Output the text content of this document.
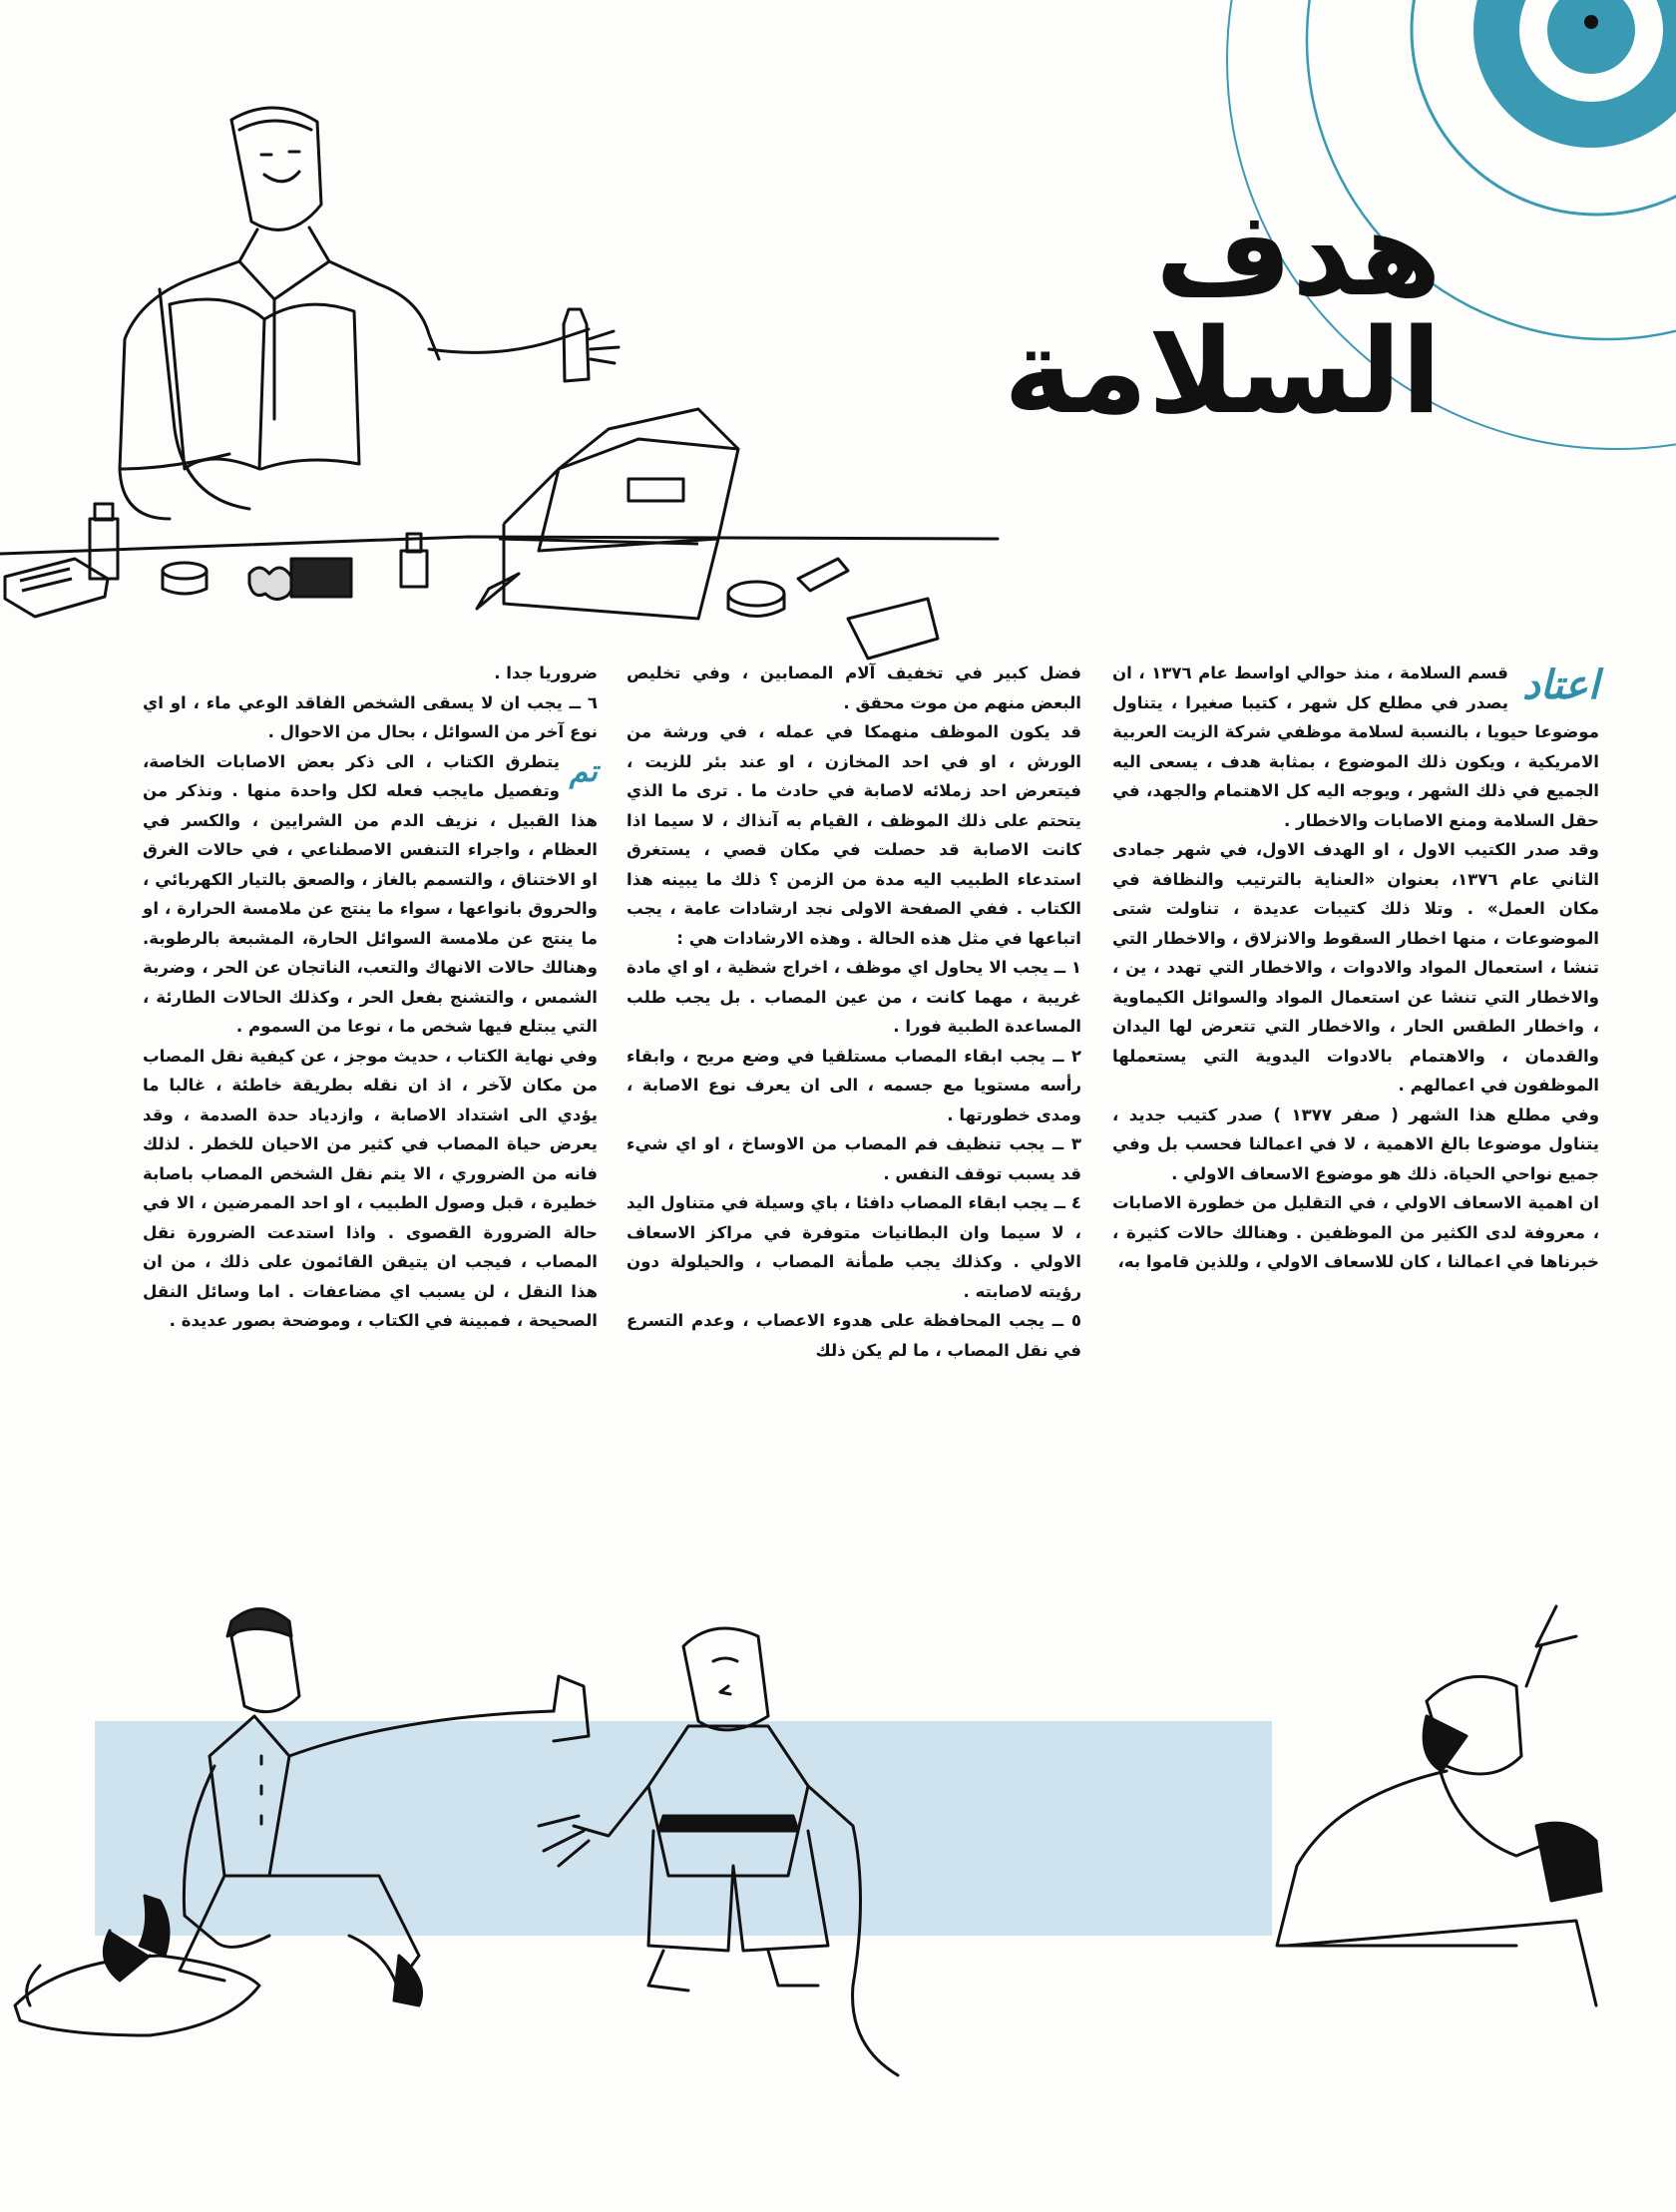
هدف السلامة
اعتاد

قسم السلامة ، منذ حوالي اواسط عام ١٣٧٦ ، ان يصدر في مطلع كل شهر ، كتيبا صغيرا ، يتناول موضوعا حيويا ، بالنسبة لسلامة موظفي شركة الزيت العربية الامريكية ، ويكون ذلك الموضوع ، بمثابة هدف ، يسعى اليه الجميع في ذلك الشهر ، ويوجه اليه كل الاهتمام والجهد، في حقل السلامة ومنع الاصابات والاخطار .

وقد صدر الكتيب الاول ، او الهدف الاول، في شهر جمادى الثاني عام ١٣٧٦، بعنوان «العناية بالترتيب والنظافة في مكان العمل» . وتلا ذلك كتيبات عديدة ، تناولت شتى الموضوعات ، منها اخطار السقوط والانزلاق ، والاخطار التي تنشا ، استعمال المواد والادوات ، والاخطار التي تهدد ، ين ، والاخطار التي تنشا عن استعمال المواد والسوائل الكيماوية ، واخطار الطقس الحار ، والاخطار التي تتعرض لها اليدان والقدمان ، والاهتمام بالادوات اليدوية التي يستعملها الموظفون في اعمالهم .

وفي مطلع هذا الشهر ( صفر ١٣٧٧ ) صدر كتيب جديد ، يتناول موضوعا بالغ الاهمية ، لا في اعمالنا فحسب بل وفي جميع نواحي الحياة. ذلك هو موضوع الاسعاف الاولي .

ان اهمية الاسعاف الاولي ، في التقليل من خطورة الاصابات ، معروفة لدى الكثير من الموظفين . وهنالك حالات كثيرة ، خبرناها في اعمالنا ، كان للاسعاف الاولي ، وللذين قاموا به،

فضل كبير في تخفيف آلام المصابين ، وفي تخليص البعض منهم من موت محقق .

قد يكون الموظف منهمكا في عمله ، في ورشة من الورش ، او في احد المخازن ، او عند بئر للزيت ، فيتعرض احد زملائه لاصابة في حادث ما . ترى ما الذي يتحتم على ذلك الموظف ، القيام به آنذاك ، لا سيما اذا كانت الاصابة قد حصلت في مكان قصي ، يستغرق استدعاء الطبيب اليه مدة من الزمن ؟ ذلك ما يبينه هذا الكتاب . ففي الصفحة الاولى نجد ارشادات عامة ، يجب اتباعها في مثل هذه الحالة . وهذه الارشادات هي :

١ ــ يجب الا يحاول اي موظف ، اخراج شظية ، او اي مادة غريبة ، مهما كانت ، من عين المصاب . بل يجب طلب المساعدة الطبية فورا .

٢ ــ يجب ابقاء المصاب مستلقيا في وضع مريح ، وابقاء رأسه مستويا مع جسمه ، الى ان يعرف نوع الاصابة ، ومدى خطورتها .

٣ ــ يجب تنظيف فم المصاب من الاوساخ ، او اي شيء قد يسبب توقف النفس .

٤ ــ يجب ابقاء المصاب دافئا ، باي وسيلة في متناول اليد ، لا سيما وان البطانيات متوفرة في مراكز الاسعاف الاولي . وكذلك يجب طمأنة المصاب ، والحيلولة دون رؤيته لاصابته .

٥ ــ يجب المحافظة على هدوء الاعصاب ، وعدم التسرع في نقل المصاب ، ما لم يكن ذلك

ضروريا جدا .

٦ ــ يجب ان لا يسقى الشخص الفاقد الوعي ماء ، او اي نوع آخر من السوائل ، بحال من الاحوال .

تم

يتطرق الكتاب ، الى ذكر بعض الاصابات الخاصة، وتفصيل مايجب فعله لكل واحدة منها . ونذكر من هذا القبيل ، نزيف الدم من الشرايين ، والكسر في العظام ، واجراء التنفس الاصطناعي ، في حالات الغرق او الاختناق ، والتسمم بالغاز ، والصعق بالتيار الكهربائي ، والحروق بانواعها ، سواء ما ينتج عن ملامسة الحرارة ، او ما ينتج عن ملامسة السوائل الحارة، المشبعة بالرطوبة. وهنالك حالات الانهاك والتعب، الناتجان عن الحر ، وضربة الشمس ، والتشنج بفعل الحر ، وكذلك الحالات الطارئة ، التي يبتلع فيها شخص ما ، نوعا من السموم .

وفي نهاية الكتاب ، حديث موجز ، عن كيفية نقل المصاب من مكان لآخر ، اذ ان نقله بطريقة خاطئة ، غالبا ما يؤدي الى اشتداد الاصابة ، وازدياد حدة الصدمة ، وقد يعرض حياة المصاب في كثير من الاحيان للخطر . لذلك فانه من الضروري ، الا يتم نقل الشخص المصاب باصابة خطيرة ، قبل وصول الطبيب ، او احد الممرضين ، الا في حالة الضرورة القصوى . واذا استدعت الضرورة نقل المصاب ، فيجب ان يتيقن القائمون على ذلك ، من ان هذا النقل ، لن يسبب اي مضاعفات . اما وسائل النقل الصحيحة ، فمبينة في الكتاب ، وموضحة بصور عديدة .
